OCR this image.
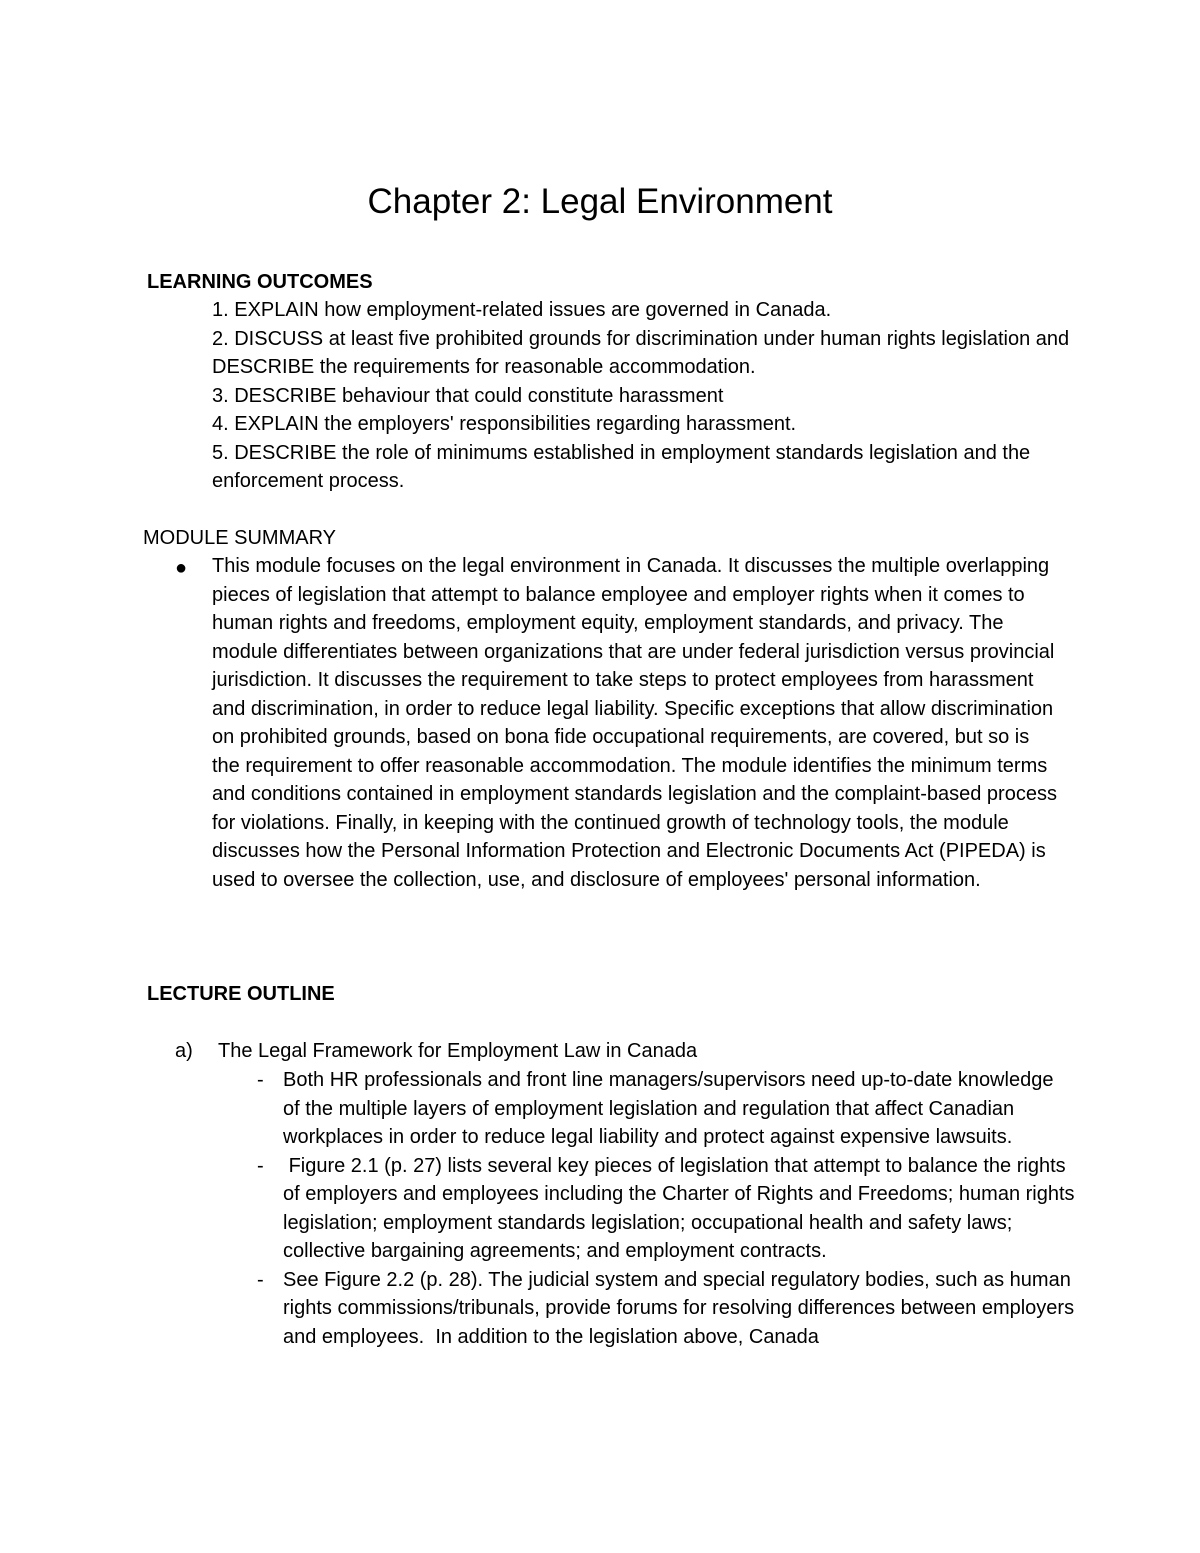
Chapter 2: Legal Environment
LEARNING OUTCOMES
1. EXPLAIN how employment-related issues are governed in Canada.
2. DISCUSS at least five prohibited grounds for discrimination under human rights legislation and DESCRIBE the requirements for reasonable accommodation.
3. DESCRIBE behaviour that could constitute harassment
4. EXPLAIN the employers' responsibilities regarding harassment.
5. DESCRIBE the role of minimums established in employment standards legislation and the enforcement process.
MODULE SUMMARY
● This module focuses on the legal environment in Canada. It discusses the multiple overlapping pieces of legislation that attempt to balance employee and employer rights when it comes to human rights and freedoms, employment equity, employment standards, and privacy. The module differentiates between organizations that are under federal jurisdiction versus provincial jurisdiction. It discusses the requirement to take steps to protect employees from harassment and discrimination, in order to reduce legal liability. Specific exceptions that allow discrimination on prohibited grounds, based on bona fide occupational requirements, are covered, but so is the requirement to offer reasonable accommodation. The module identifies the minimum terms and conditions contained in employment standards legislation and the complaint-based process for violations. Finally, in keeping with the continued growth of technology tools, the module discusses how the Personal Information Protection and Electronic Documents Act (PIPEDA) is used to oversee the collection, use, and disclosure of employees' personal information.
LECTURE OUTLINE
a) The Legal Framework for Employment Law in Canada
- Both HR professionals and front line managers/supervisors need up-to-date knowledge of the multiple layers of employment legislation and regulation that affect Canadian workplaces in order to reduce legal liability and protect against expensive lawsuits.
- Figure 2.1 (p. 27) lists several key pieces of legislation that attempt to balance the rights of employers and employees including the Charter of Rights and Freedoms; human rights legislation; employment standards legislation; occupational health and safety laws; collective bargaining agreements; and employment contracts.
- See Figure 2.2 (p. 28). The judicial system and special regulatory bodies, such as human rights commissions/tribunals, provide forums for resolving differences between employers and employees.  In addition to the legislation above, Canada
